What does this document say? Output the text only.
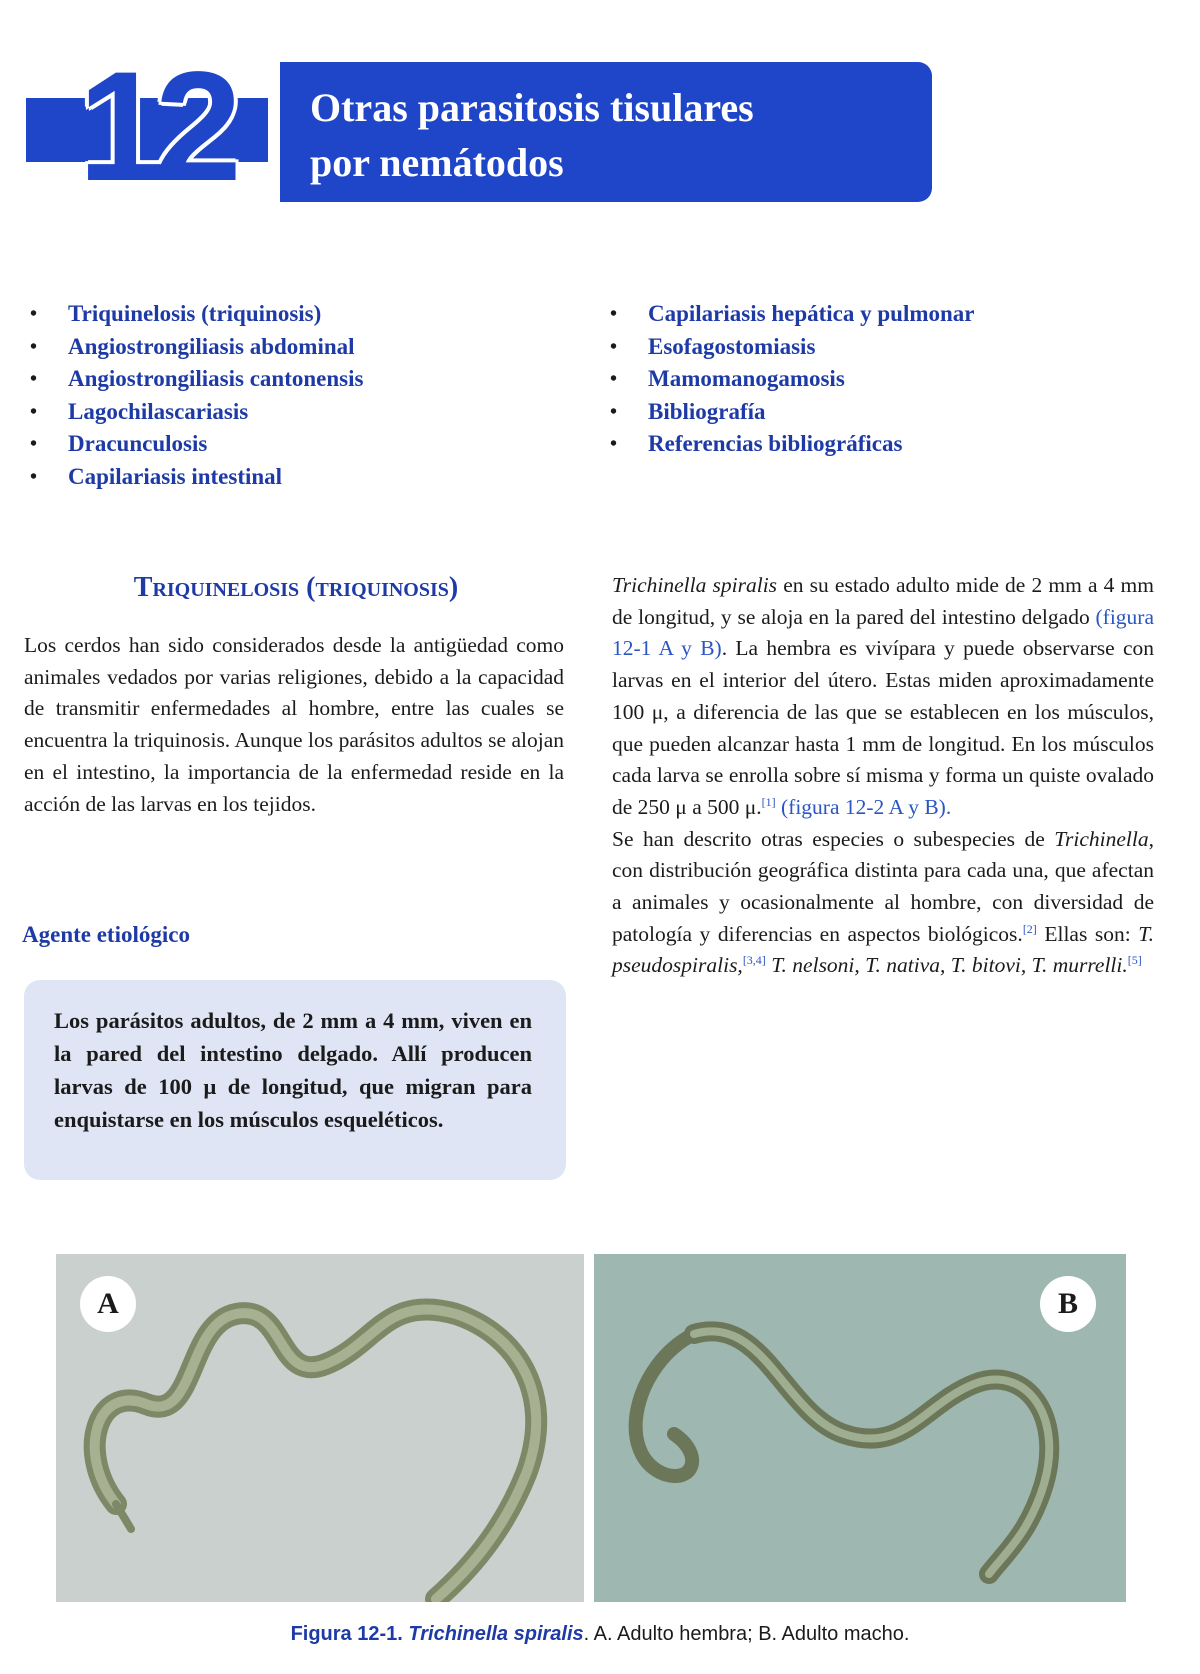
12	Otras parasitosis tisulares
por nemátodos
• Triquinelosis (triquinosis)
• Angiostrongiliasis abdominal
• Angiostrongiliasis cantonensis
• Lagochilascariasis
• Dracunculosis
• Capilariasis intestinal
• Capilariasis hepática y pulmonar
• Esofagostomiasis
• Mamomanogamosis
• Bibliografía
• Referencias bibliográficas
Triquinelosis (triquinosis)

Los cerdos han sido considerados desde la antigüedad como animales vedados por varias religiones, debido a la capacidad de transmitir enfermedades al hombre, entre las cuales se encuentra la triquinosis. Aunque los parásitos adultos se alojan en el intestino, la importancia de la enfermedad reside en la acción de las larvas en los tejidos.

Agente etiológico

Los parásitos adultos, de 2 mm a 4 mm, viven en la pared del intestino delgado. Allí producen larvas de 100 μ de longitud, que migran para enquistarse en los músculos esqueléticos.

Trichinella spiralis en su estado adulto mide de 2 mm a 4 mm de longitud, y se aloja en la pared del intestino delgado (figura 12-1 A y B). La hembra es vivípara y puede observarse con larvas en el interior del útero. Estas miden aproximadamente 100 μ, a diferencia de las que se establecen en los músculos, que pueden alcanzar hasta 1 mm de longitud. En los músculos cada larva se enrolla sobre sí misma y forma un quiste ovalado de 250 μ a 500 μ.[1] (figura 12-2 A y B).
Se han descrito otras especies o subespecies de Trichinella, con distribución geográfica distinta para cada una, que afectan a animales y ocasionalmente al hombre, con diversidad de patología y diferencias en aspectos biológicos.[2] Ellas son: T. pseudospiralis,[3,4] T. nelsoni, T. nativa, T. bitovi, T. murrelli.[5]
A	B
Figura 12-1. Trichinella spiralis. A. Adulto hembra; B. Adulto macho.
